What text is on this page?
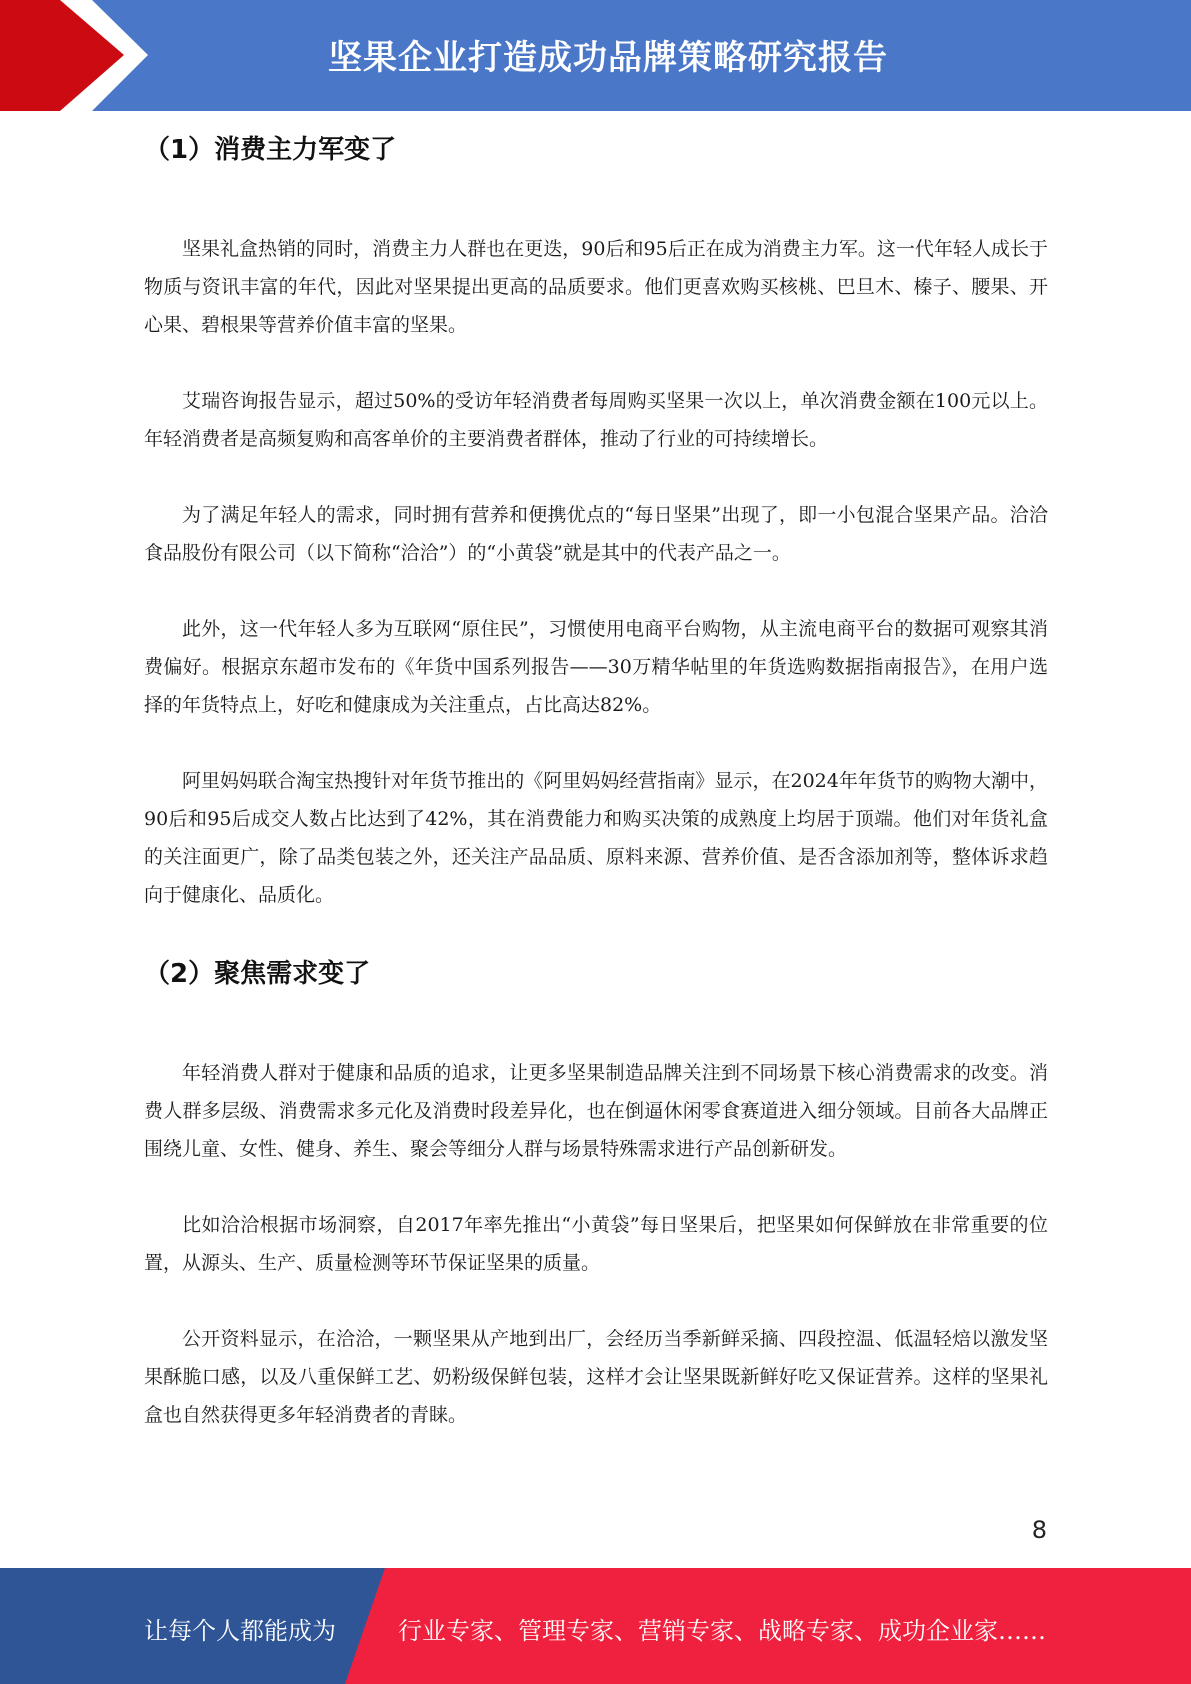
坚果企业打造成功品牌策略研究报告
（1）消费主力军变了

坚果礼盒热销的同时，消费主力人群也在更迭，90后和95后正在成为消费主力军。这一代年轻人成长于物质与资讯丰富的年代，因此对坚果提出更高的品质要求。他们更喜欢购买核桃、巴旦木、榛子、腰果、开心果、碧根果等营养价值丰富的坚果。

艾瑞咨询报告显示，超过50%的受访年轻消费者每周购买坚果一次以上，单次消费金额在100元以上。年轻消费者是高频复购和高客单价的主要消费者群体，推动了行业的可持续增长。

为了满足年轻人的需求，同时拥有营养和便携优点的“每日坚果”出现了，即一小包混合坚果产品。洽洽食品股份有限公司（以下简称“洽洽”）的“小黄袋”就是其中的代表产品之一。

此外，这一代年轻人多为互联网“原住民”，习惯使用电商平台购物，从主流电商平台的数据可观察其消费偏好。根据京东超市发布的《年货中国系列报告——30万精华帖里的年货选购数据指南报告》，在用户选择的年货特点上，好吃和健康成为关注重点，占比高达82%。

阿里妈妈联合淘宝热搜针对年货节推出的《阿里妈妈经营指南》显示，在2024年年货节的购物大潮中，90后和95后成交人数占比达到了42%，其在消费能力和购买决策的成熟度上均居于顶端。他们对年货礼盒的关注面更广，除了品类包装之外，还关注产品品质、原料来源、营养价值、是否含添加剂等，整体诉求趋向于健康化、品质化。

（2）聚焦需求变了

年轻消费人群对于健康和品质的追求，让更多坚果制造品牌关注到不同场景下核心消费需求的改变。消费人群多层级、消费需求多元化及消费时段差异化，也在倒逼休闲零食赛道进入细分领域。目前各大品牌正围绕儿童、女性、健身、养生、聚会等细分人群与场景特殊需求进行产品创新研发。

比如洽洽根据市场洞察，自2017年率先推出“小黄袋”每日坚果后，把坚果如何保鲜放在非常重要的位置，从源头、生产、质量检测等环节保证坚果的质量。

公开资料显示，在洽洽，一颗坚果从产地到出厂，会经历当季新鲜采摘、四段控温、低温轻焙以激发坚果酥脆口感，以及八重保鲜工艺、奶粉级保鲜包装，这样才会让坚果既新鲜好吃又保证营养。这样的坚果礼盒也自然获得更多年轻消费者的青睐。

8
让每个人都能成为	行业专家、管理专家、营销专家、战略专家、成功企业家……
